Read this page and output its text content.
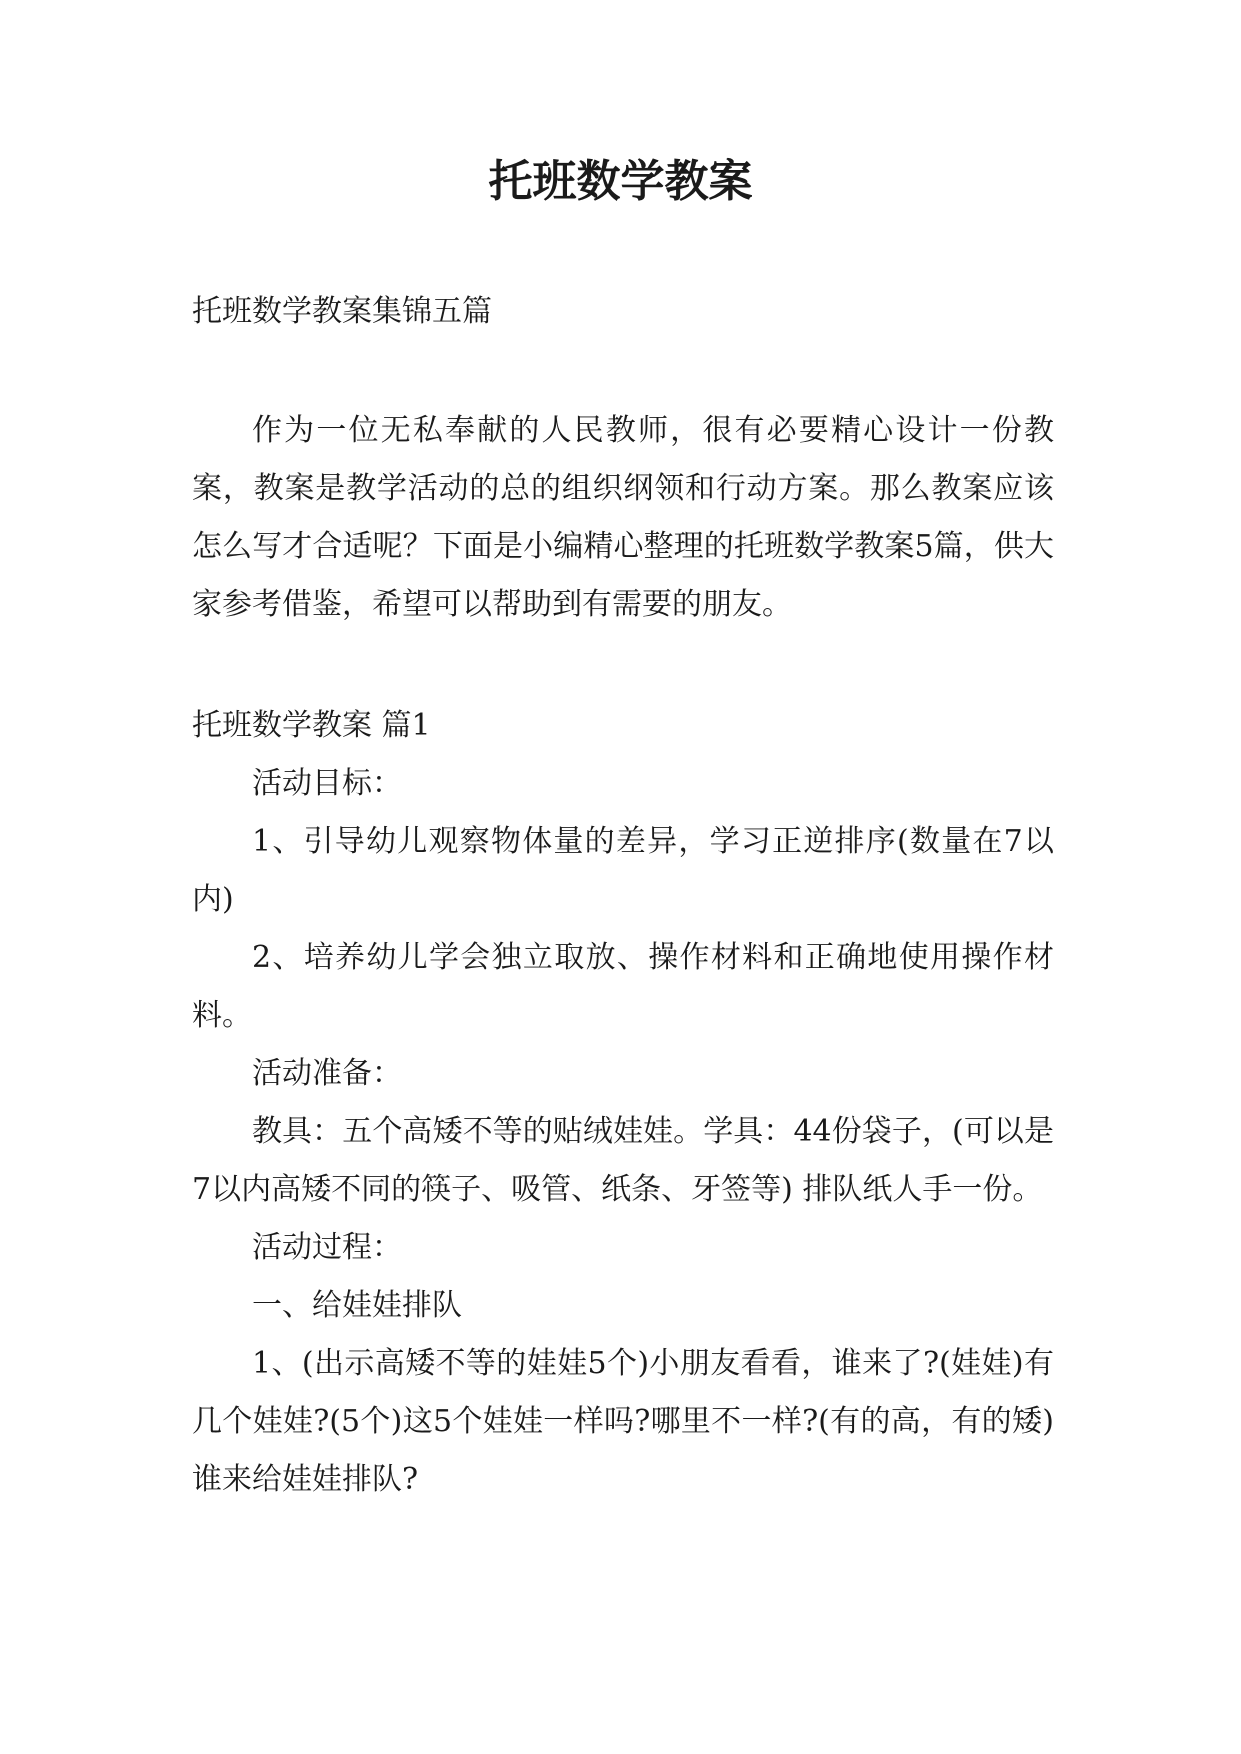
托班数学教案

托班数学教案集锦五篇

作为一位无私奉献的人民教师，很有必要精心设计一份教案，教案是教学活动的总的组织纲领和行动方案。那么教案应该怎么写才合适呢？下面是小编精心整理的托班数学教案5篇，供大家参考借鉴，希望可以帮助到有需要的朋友。

托班数学教案 篇1

活动目标：

1、引导幼儿观察物体量的差异，学习正逆排序(数量在7以内)

2、培养幼儿学会独立取放、操作材料和正确地使用操作材料。

活动准备：

教具：五个高矮不等的贴绒娃娃。学具：44份袋子，(可以是7以内高矮不同的筷子、吸管、纸条、牙签等) 排队纸人手一份。

活动过程：

一、给娃娃排队

1、(出示高矮不等的娃娃5个)小朋友看看，谁来了?(娃娃)有几个娃娃?(5个)这5个娃娃一样吗?哪里不一样?(有的高，有的矮)谁来给娃娃排队?
